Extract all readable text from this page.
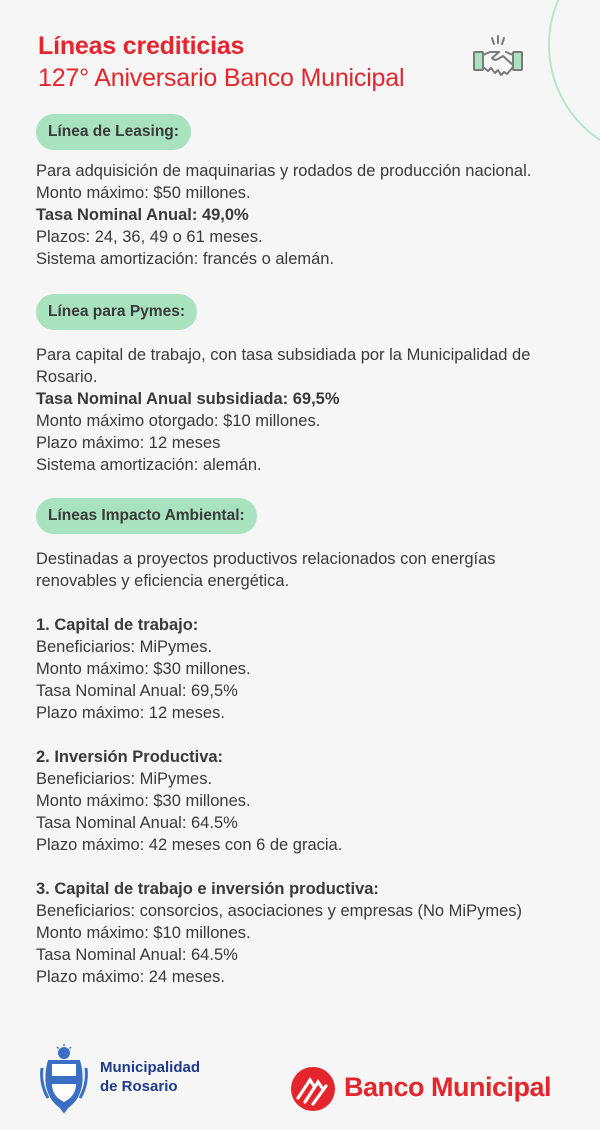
Líneas crediticias
127° Aniversario Banco Municipal
Línea de Leasing:
Para adquisición de maquinarias y rodados de producción nacional.
Monto máximo: $50 millones.
Tasa Nominal Anual: 49,0%
Plazos: 24, 36, 49 o 61 meses.
Sistema amortización: francés o alemán.
Línea para Pymes:
Para capital de trabajo, con tasa subsidiada por la Municipalidad de Rosario.
Tasa Nominal Anual subsidiada: 69,5%
Monto máximo otorgado: $10 millones.
Plazo máximo: 12 meses
Sistema amortización: alemán.
Líneas Impacto Ambiental:
Destinadas a proyectos productivos relacionados con energías renovables y eficiencia energética.
1. Capital de trabajo:
Beneficiarios: MiPymes.
Monto máximo: $30 millones.
Tasa Nominal Anual: 69,5%
Plazo máximo: 12 meses.
2. Inversión Productiva:
Beneficiarios: MiPymes.
Monto máximo: $30 millones.
Tasa Nominal Anual: 64.5%
Plazo máximo: 42 meses con 6 de gracia.
3. Capital de trabajo e inversión productiva:
Beneficiarios: consorcios, asociaciones y empresas (No MiPymes)
Monto máximo: $10 millones.
Tasa Nominal Anual: 64.5%
Plazo máximo: 24 meses.
Municipalidad
de Rosario	Banco Municipal
